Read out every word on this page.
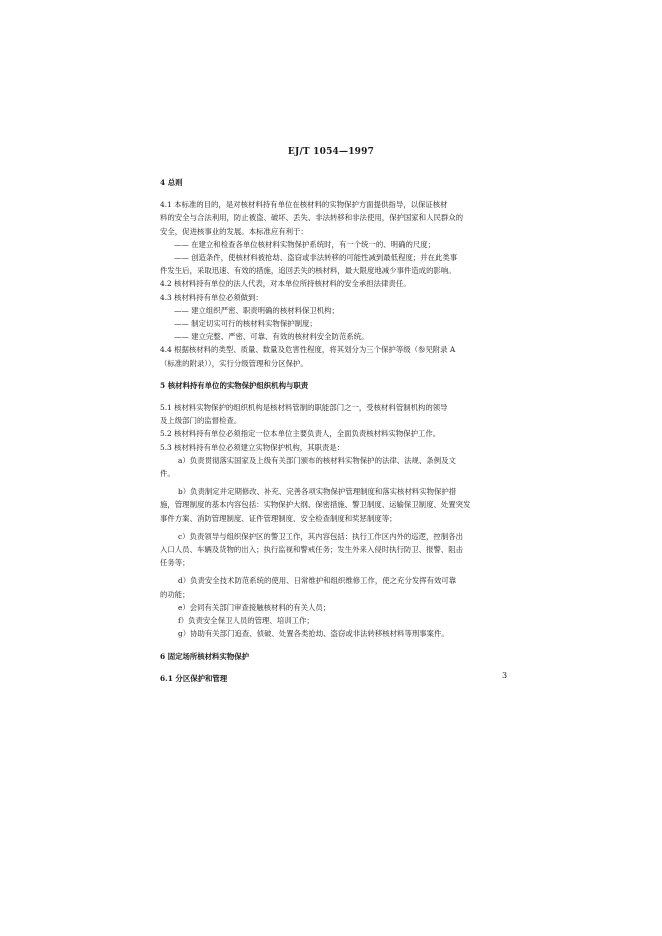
EJ/T 1054—1997

4 总则

4.1 本标准的目的，是对核材料持有单位在核材料的实物保护方面提供指导，以保证核材

料的安全与合法利用，防止被盗、破坏、丢失、非法转移和非法使用，保护国家和人民群众的

安全，促进核事业的发展。本标准应有利于：

—— 在建立和检查各单位核材料实物保护系统时，有一个统一的、明确的尺度；

—— 创造条件，使核材料被抢劫、盗窃或非法转移的可能性减到最低程度；并在此类事

件发生后，采取迅速、有效的措施，追回丢失的核材料，最大限度地减少事件造成的影响。

4.2 核材料持有单位的法人代表，对本单位所持核材料的安全承担法律责任。

4.3 核材料持有单位必须做到：

—— 建立组织严密、职责明确的核材料保卫机构；

—— 制定切实可行的核材料实物保护制度；

—— 建立完整、严密、可靠、有效的核材料安全防范系统。

4.4 根据核材料的类型、质量、数量及危害性程度，将其划分为三个保护等级（参见附录 A

（标准的附录）），实行分级管理和分区保护。

5 核材料持有单位的实物保护组织机构与职责

5.1 核材料实物保护的组织机构是核材料管制的职能部门之一，受核材料管制机构的领导

及上级部门的监督检查。

5.2 核材料持有单位必须指定一位本单位主要负责人，全面负责核材料实物保护工作。

5.3 核材料持有单位必须建立实物保护机构，其职责是：

a）负责贯彻落实国家及上级有关部门颁布的核材料实物保护的法律、法规、条例及文

件。

b）负责制定并定期修改、补充、完善各项实物保护管理制度和落实核材料实物保护措

施，管理制度的基本内容包括：实物保护大纲、保密措施、警卫制度、运输保卫制度、处置突发

事件方案、消防管理制度、证件管理制度、安全检查制度和奖惩制度等；

c）负责领导与组织保护区的警卫工作，其内容包括：执行工作区内外的巡逻，控制各出

入口人员、车辆及货物的出入；执行监视和警戒任务；发生外来入侵时执行防卫、报警、阻击

任务等；

d）负责安全技术防范系统的使用、日常维护和组织维修工作，使之充分发挥有效可靠

的功能；

e）会同有关部门审查接触核材料的有关人员；

f）负责安全保卫人员的管理、培训工作；

g）协助有关部门追查、侦破、处置各类抢劫、盗窃或非法转移核材料等刑事案件。

6 固定场所核材料实物保护

6.1 分区保护和管理	3
